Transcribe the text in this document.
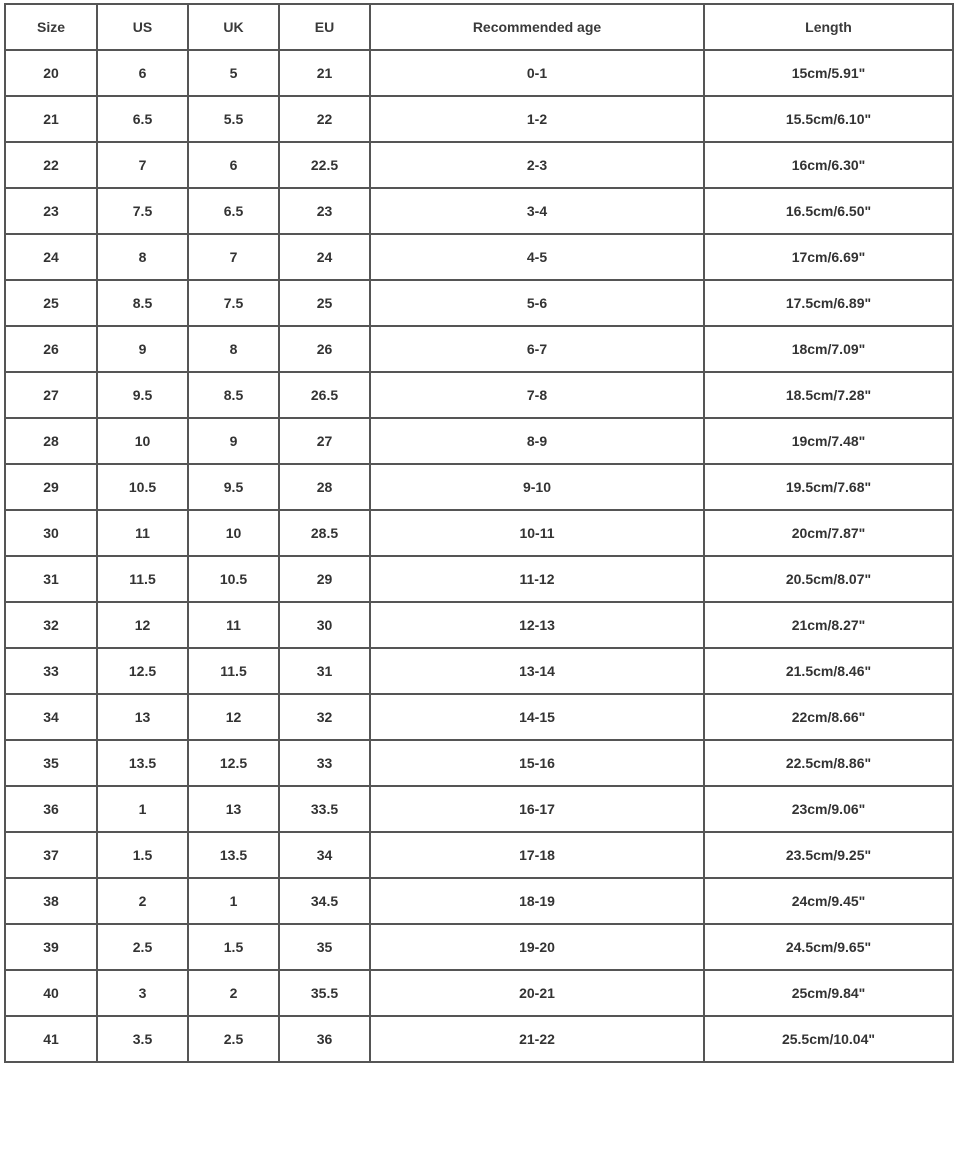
Size	US	UK	EU	Recommended age	Length
20	6	5	21	0-1	15cm/5.91"
21	6.5	5.5	22	1-2	15.5cm/6.10"
22	7	6	22.5	2-3	16cm/6.30"
23	7.5	6.5	23	3-4	16.5cm/6.50"
24	8	7	24	4-5	17cm/6.69"
25	8.5	7.5	25	5-6	17.5cm/6.89"
26	9	8	26	6-7	18cm/7.09"
27	9.5	8.5	26.5	7-8	18.5cm/7.28"
28	10	9	27	8-9	19cm/7.48"
29	10.5	9.5	28	9-10	19.5cm/7.68"
30	11	10	28.5	10-11	20cm/7.87"
31	11.5	10.5	29	11-12	20.5cm/8.07"
32	12	11	30	12-13	21cm/8.27"
33	12.5	11.5	31	13-14	21.5cm/8.46"
34	13	12	32	14-15	22cm/8.66"
35	13.5	12.5	33	15-16	22.5cm/8.86"
36	1	13	33.5	16-17	23cm/9.06"
37	1.5	13.5	34	17-18	23.5cm/9.25"
38	2	1	34.5	18-19	24cm/9.45"
39	2.5	1.5	35	19-20	24.5cm/9.65"
40	3	2	35.5	20-21	25cm/9.84"
41	3.5	2.5	36	21-22	25.5cm/10.04"
